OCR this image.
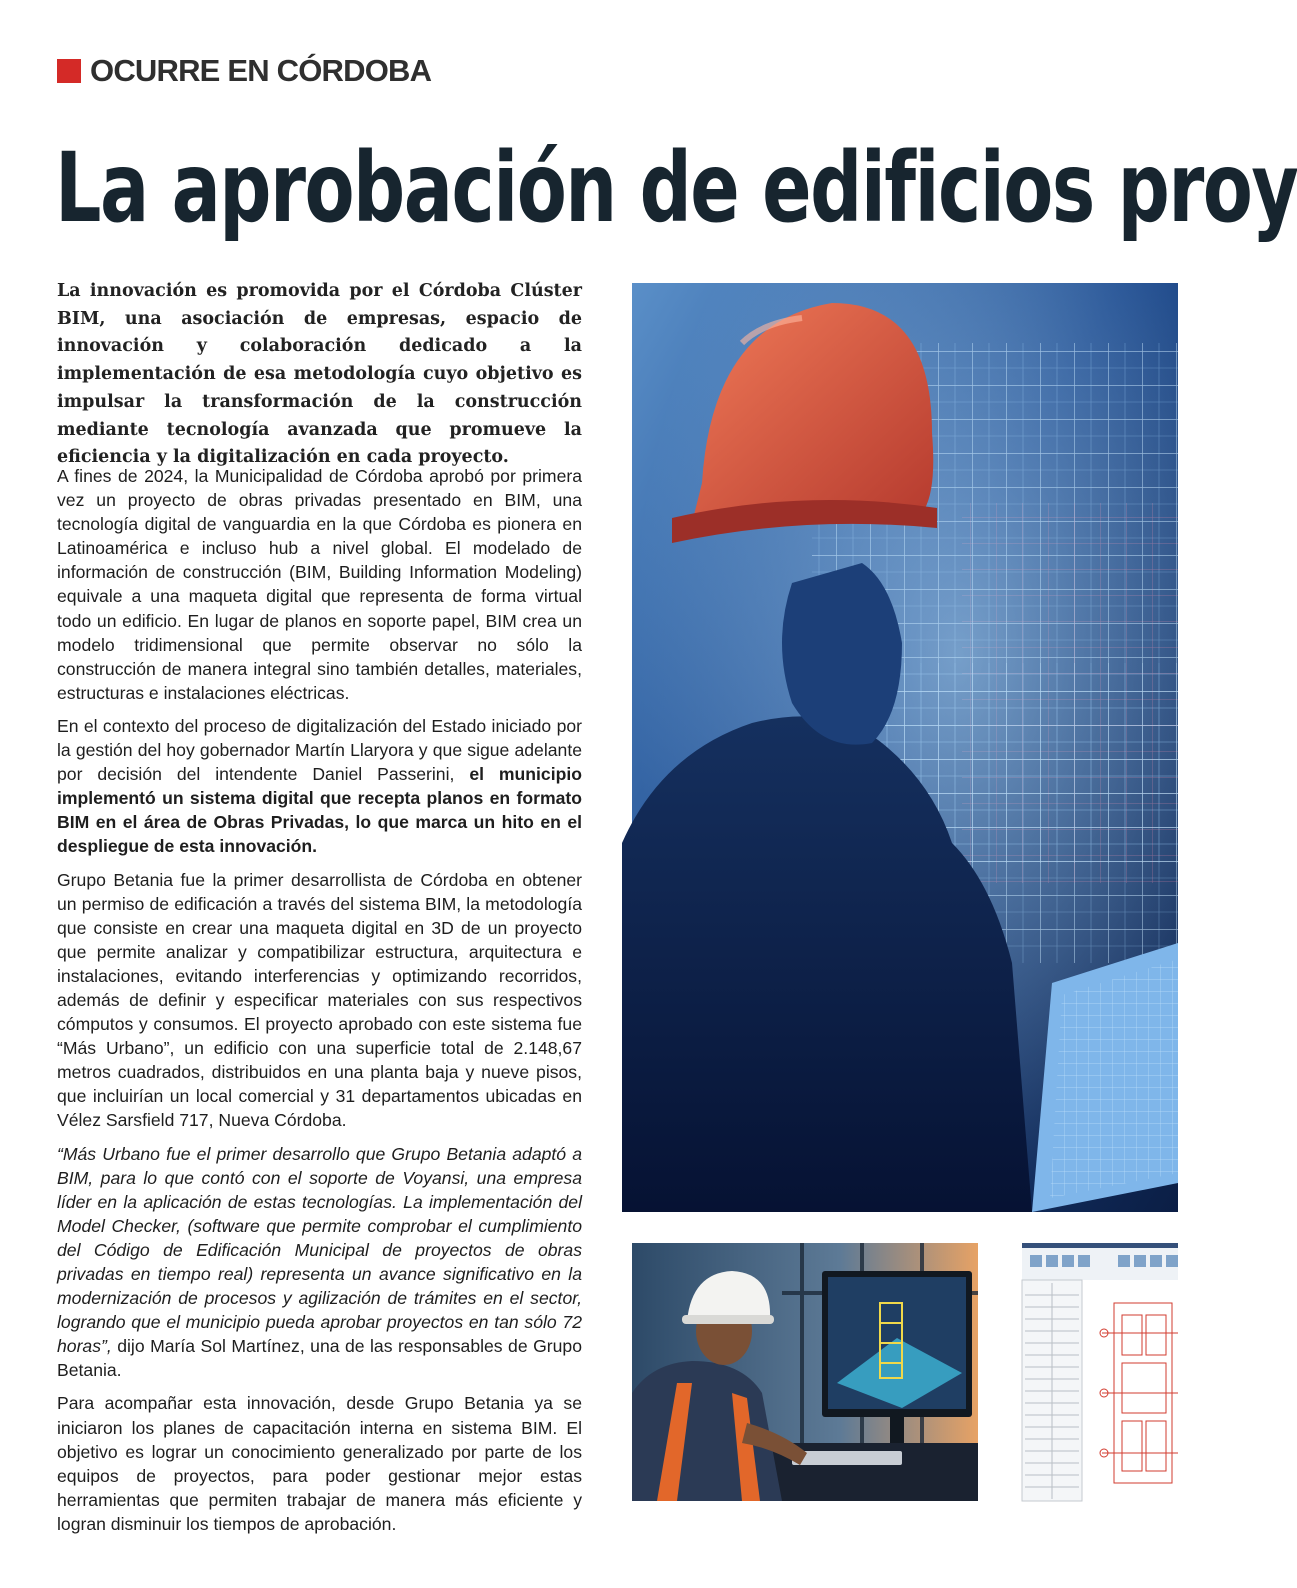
OCURRE EN CÓRDOBA
La aprobación de edificios proy

La innovación es promovida por el Córdoba Clúster BIM, una asociación de empresas, espacio de innovación y colaboración dedicado a la implementación de esa metodología cuyo objetivo es impulsar la transformación de la construcción mediante tecnología avanzada que promueve la eficiencia y la digitalización en cada proyecto.

A fines de 2024, la Municipalidad de Córdoba aprobó por primera vez un proyecto de obras privadas presentado en BIM, una tecnología digital de vanguardia en la que Córdoba es pionera en Latinoamérica e incluso hub a nivel global. El modelado de información de construcción (BIM, Building Information Modeling) equivale a una maqueta digital que representa de forma virtual todo un edificio. En lugar de planos en soporte papel, BIM crea un modelo tridimensional que permite observar no sólo la construcción de manera integral sino también detalles, materiales, estructuras e instalaciones eléctricas.

En el contexto del proceso de digitalización del Estado iniciado por la gestión del hoy gobernador Martín Llaryora y que sigue adelante por decisión del intendente Daniel Passerini, el municipio implementó un sistema digital que recepta planos en formato BIM en el área de Obras Privadas, lo que marca un hito en el despliegue de esta innovación.

Grupo Betania fue la primer desarrollista de Córdoba en obtener un permiso de edificación a través del sistema BIM, la metodología que consiste en crear una maqueta digital en 3D de un proyecto que permite analizar y compatibilizar estructura, arquitectura e instalaciones, evitando interferencias y optimizando recorridos, además de definir y especificar materiales con sus respectivos cómputos y consumos. El proyecto aprobado con este sistema fue “Más Urbano”, un edificio con una superficie total de 2.148,67 metros cuadrados, distribuidos en una planta baja y nueve pisos, que incluirían un local comercial y 31 departamentos ubicadas en Vélez Sarsfield 717, Nueva Córdoba.

“Más Urbano fue el primer desarrollo que Grupo Betania adaptó a BIM, para lo que contó con el soporte de Voyansi, una empresa líder en la aplicación de estas tecnologías. La implementación del Model Checker, (software que permite comprobar el cumplimiento del Código de Edificación Municipal de proyectos de obras privadas en tiempo real) representa un avance significativo en la modernización de procesos y agilización de trámites en el sector, logrando que el municipio pueda aprobar proyectos en tan sólo 72 horas”, dijo María Sol Martínez, una de las responsables de Grupo Betania.

Para acompañar esta innovación, desde Grupo Betania ya se iniciaron los planes de capacitación interna en sistema BIM. El objetivo es lograr un conocimiento generalizado por parte de los equipos de proyectos, para poder gestionar mejor estas herramientas que permiten trabajar de manera más eficiente y logran disminuir los tiempos de aprobación.
